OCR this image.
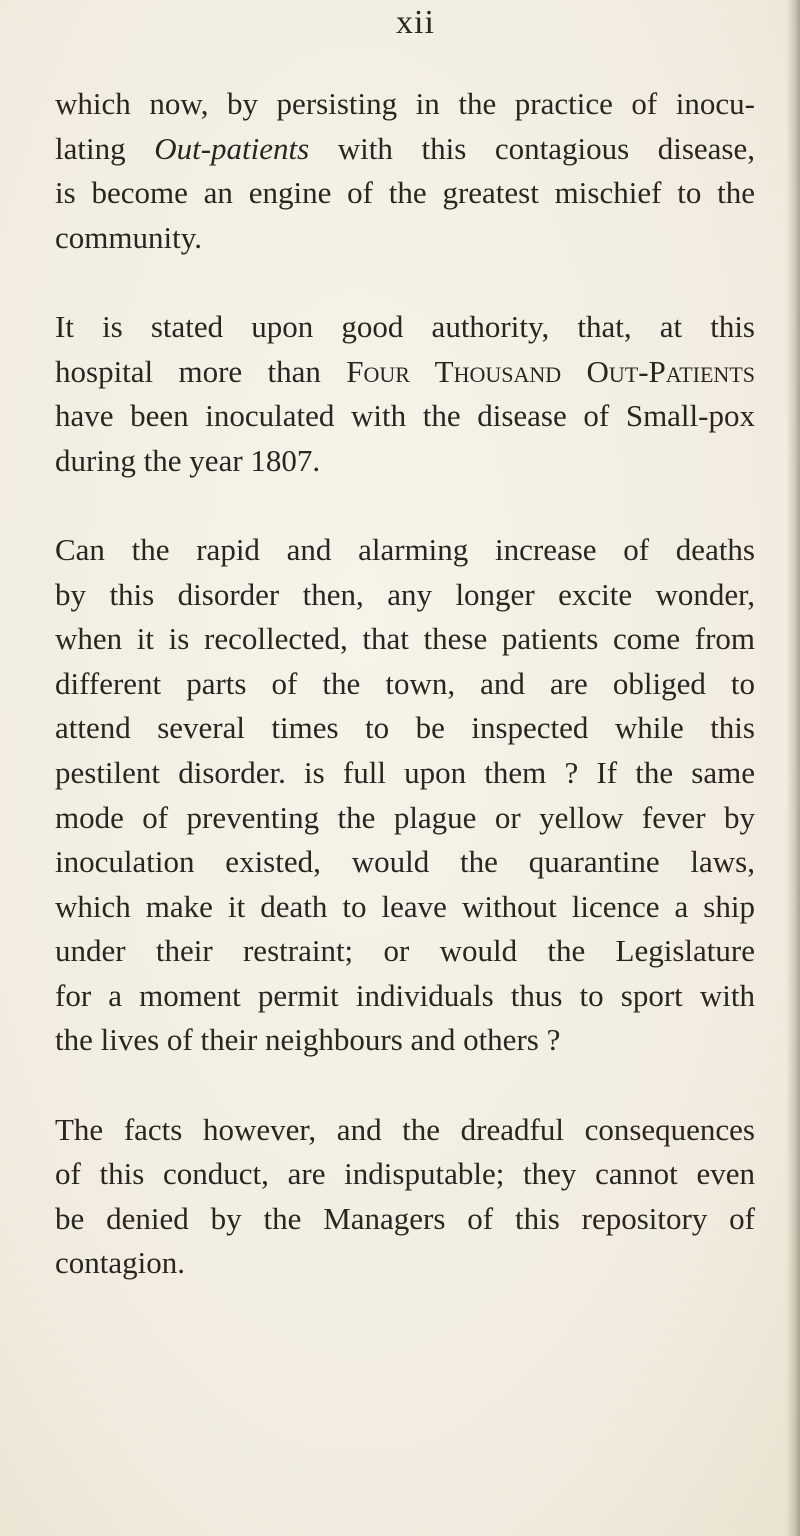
xii

which now, by persisting in the practice of inocu-
lating Out-patients with this contagious disease,
is become an engine of the greatest mischief to the
community.
It is stated upon good authority, that, at this
hospital more than Four Thousand Out-Patients
have been inoculated with the disease of Small-pox
during the year 1807.
Can the rapid and alarming increase of deaths
by this disorder then, any longer excite wonder,
when it is recollected, that these patients come from
different parts of the town, and are obliged to
attend several times to be inspected while this
pestilent disorder. is full upon them ? If the same
mode of preventing the plague or yellow fever by
inoculation existed, would the quarantine laws,
which make it death to leave without licence a ship
under their restraint; or would the Legislature
for a moment permit individuals thus to sport with
the lives of their neighbours and others ?
The facts however, and the dreadful consequences
of this conduct, are indisputable; they cannot even
be denied by the Managers of this repository of
contagion.
